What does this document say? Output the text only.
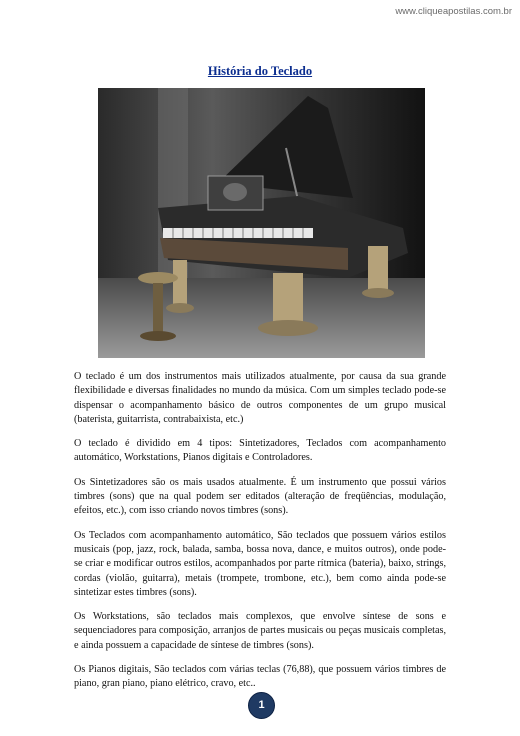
www.cliqueapostilas.com.br
História do Teclado

O teclado é um dos instrumentos mais utilizados atualmente, por causa da sua grande flexibilidade e diversas finalidades no mundo da música. Com um simples teclado pode-se dispensar o acompanhamento básico de outros componentes de um grupo musical (baterista, guitarrista, contrabaixista, etc.)

O teclado é dividido em 4 tipos: Sintetizadores, Teclados com acompanhamento automático, Workstations, Pianos digitais e Controladores.

Os Sintetizadores são os mais usados atualmente. É um instrumento que possui vários timbres (sons) que na qual podem ser editados (alteração de freqüências, modulação, efeitos, etc.), com isso criando novos timbres (sons).

Os Teclados com acompanhamento automático, São teclados que possuem vários estilos musicais (pop, jazz, rock, balada, samba, bossa nova, dance, e muitos outros), onde pode-se criar e modificar outros estilos, acompanhados por parte rítmica (bateria), baixo, strings, cordas (violão, guitarra), metais (trompete, trombone, etc.), bem como ainda pode-se sintetizar estes timbres (sons).

Os Workstations, são teclados mais complexos, que envolve síntese de sons e sequenciadores para composição, arranjos de partes musicais ou peças musicais completas, e ainda possuem a capacidade de síntese de timbres (sons).

Os Pianos digitais, São teclados com várias teclas (76,88), que possuem vários timbres de piano, gran piano, piano elétrico, cravo, etc..

1
